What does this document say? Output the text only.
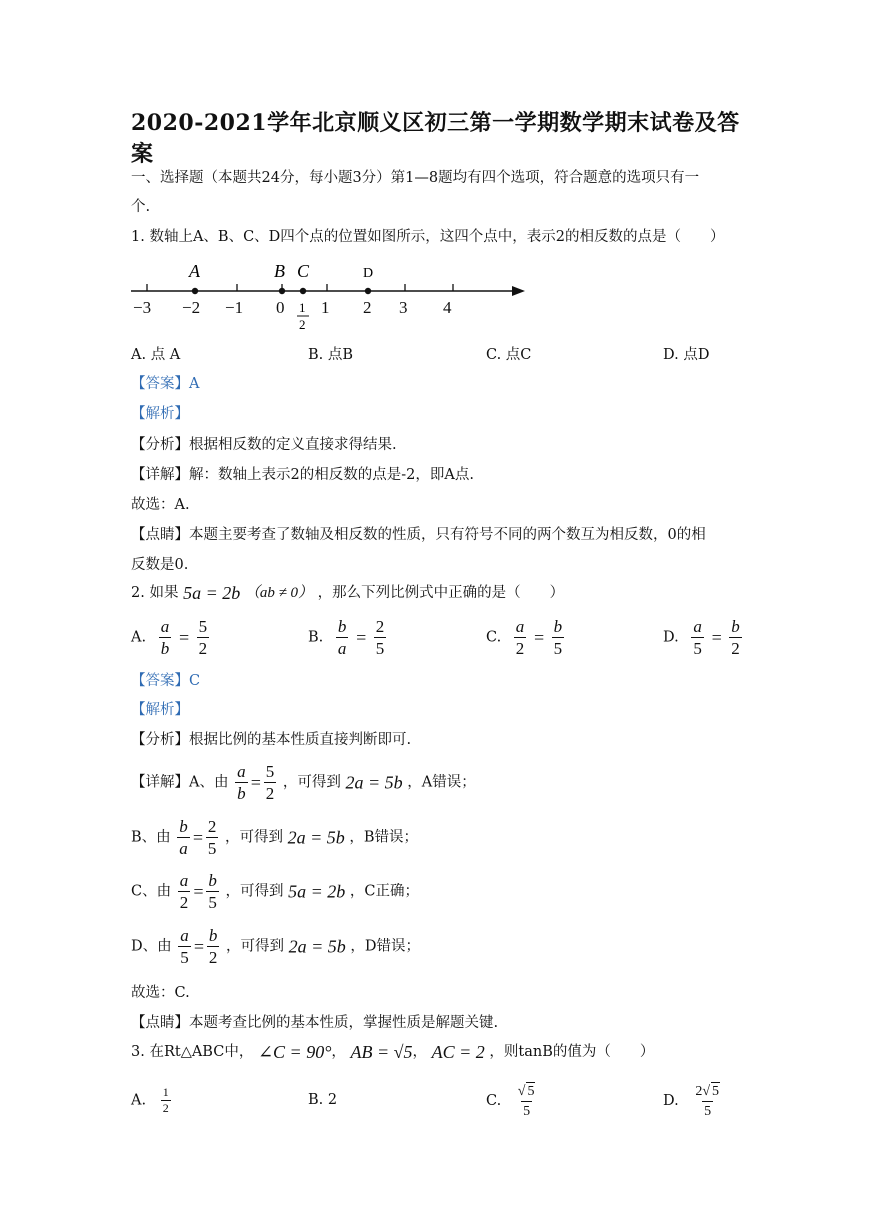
2020-2021学年北京顺义区初三第一学期数学期末试卷及答
案
一、选择题（本题共24分，每小题3分）第1—8题均有四个选项，符合题意的选项只有一
个.
1. 数轴上A、B、C、D四个点的位置如图所示，这四个点中，表示2的相反数的点是（　　）
A	B C	D
−3 −2 −1 0 1 2 3 4
1
2
A. 点 A	B. 点B	C. 点C	D. 点D
【答案】A
【解析】
【分析】根据相反数的定义直接求得结果.
【详解】解：数轴上表示2的相反数的点是-2，即A点.
故选：A.
【点睛】本题主要考查了数轴及相反数的性质，只有符号不同的两个数互为相反数，0的相
反数是0.
2. 如果 5a = 2b （ab ≠ 0） ，那么下列比例式中正确的是（　　）
A. $\frac{a}{b} = \frac{5}{2}$	B. $\frac{b}{a} = \frac{2}{5}$	C. $\frac{a}{2} = \frac{b}{5}$	D. $\frac{a}{5} = \frac{b}{2}$
【答案】C
【解析】
【分析】根据比例的基本性质直接判断即可.
【详解】A、由 $\frac{a}{b} = \frac{5}{2}$ ，可得到 2a = 5b ，A错误；
B、由 $\frac{b}{a} = \frac{2}{5}$ ，可得到 2a = 5b ，B错误；
C、由 $\frac{a}{2} = \frac{b}{5}$ ，可得到 5a = 2b ，C正确；
D、由 $\frac{a}{5} = \frac{b}{2}$ ，可得到 2a = 5b ，D错误；
故选：C.
【点睛】本题考查比例的基本性质，掌握性质是解题关键.
3. 在Rt△ABC中， ∠C = 90°， AB = √5， AC = 2 ，则tanB的值为（　　）
A. $\frac{1}{2}$	B. 2	C. $\frac{√ 5}{5}$	D. $\frac{2√ 5}{5}$
